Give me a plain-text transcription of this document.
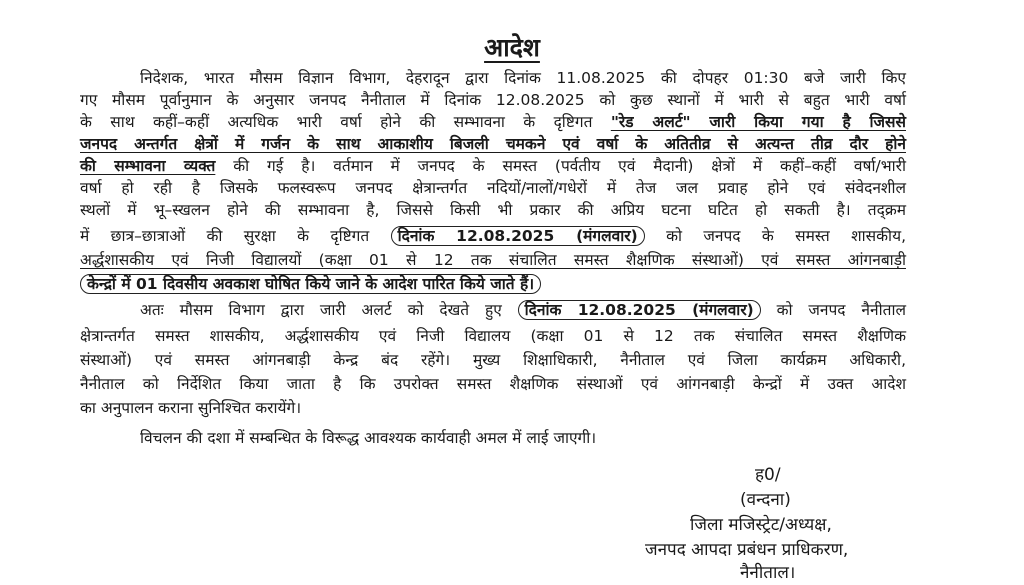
आदेश
निदेशक, भारत मौसम विज्ञान विभाग, देहरादून द्वारा दिनांक 11.08.2025 की दोपहर 01:30 बजे जारी किए
गए मौसम पूर्वानुमान के अनुसार जनपद नैनीताल में दिनांक 12.08.2025 को कुछ स्थानों में भारी से बहुत भारी वर्षा
के साथ कहीं–कहीं अत्यधिक भारी वर्षा होने की सम्भावना के दृष्टिगत "रेड अलर्ट" जारी किया गया है जिससे
जनपद अन्तर्गत क्षेत्रों में गर्जन के साथ आकाशीय बिजली चमकने एवं वर्षा के अतितीव्र से अत्यन्त तीव्र दौर होने
की सम्भावना व्यक्त की गई है। वर्तमान में जनपद के समस्त (पर्वतीय एवं मैदानी) क्षेत्रों में कहीं–कहीं वर्षा/भारी
वर्षा हो रही है जिसके फलस्वरूप जनपद क्षेत्रान्तर्गत नदियों/नालों/गधेरों में तेज जल प्रवाह होने एवं संवेदनशील
स्थलों में भू–स्खलन होने की सम्भावना है, जिससे किसी भी प्रकार की अप्रिय घटना घटित हो सकती है। तद्क्रम
में छात्र–छात्राओं की सुरक्षा के दृष्टिगत दिनांक 12.08.2025 (मंगलवार) को जनपद के समस्त शासकीय,
अर्द्धशासकीय एवं निजी विद्यालयों (कक्षा 01 से 12 तक संचालित समस्त शैक्षणिक संस्थाओं) एवं समस्त आंगनबाड़ी
केन्द्रों में 01 दिवसीय अवकाश घोषित किये जाने के आदेश पारित किये जाते हैं।
अतः मौसम विभाग द्वारा जारी अलर्ट को देखते हुए दिनांक 12.08.2025 (मंगलवार) को जनपद नैनीताल
क्षेत्रान्तर्गत समस्त शासकीय, अर्द्धशासकीय एवं निजी विद्यालय (कक्षा 01 से 12 तक संचालित समस्त शैक्षणिक
संस्थाओं) एवं समस्त आंगनबाड़ी केन्द्र बंद रहेंगे। मुख्य शिक्षाधिकारी, नैनीताल एवं जिला कार्यक्रम अधिकारी,
नैनीताल को निर्देशित किया जाता है कि उपरोक्त समस्त शैक्षणिक संस्थाओं एवं आंगनबाड़ी केन्द्रों में उक्त आदेश
का अनुपालन कराना सुनिश्चित करायेंगे।
विचलन की दशा में सम्बन्धित के विरूद्ध आवश्यक कार्यवाही अमल में लाई जाएगी।
ह0/
(वन्दना)
जिला मजिस्ट्रेट/अध्यक्ष,
जनपद आपदा प्रबंधन प्राधिकरण,
नैनीताल।
